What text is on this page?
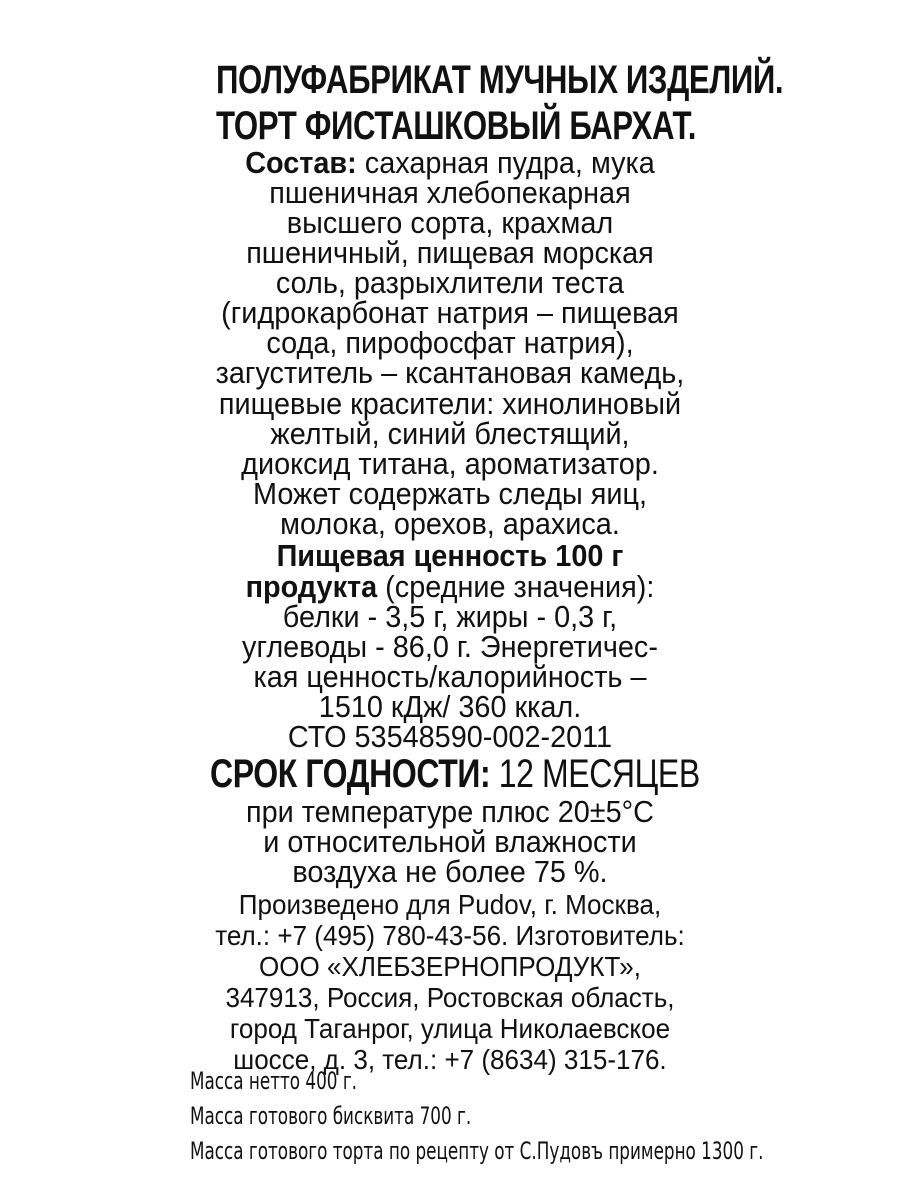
ПОЛУФАБРИКАТ МУЧНЫХ ИЗДЕЛИЙ.
ТОРТ ФИСТАШКОВЫЙ БАРХАТ.
Состав: сахарная пудра, мука
пшеничная хлебопекарная
высшего сорта, крахмал
пшеничный, пищевая морская
соль, разрыхлители теста
(гидрокарбонат натрия – пищевая
сода, пирофосфат натрия),
загуститель – ксантановая камедь,
пищевые красители: хинолиновый
желтый, синий блестящий,
диоксид титана, ароматизатор.
Может содержать следы яиц,
молока, орехов, арахиса.
Пищевая ценность 100 г
продукта (средние значения):
белки - 3,5 г, жиры - 0,3 г,
углеводы - 86,0 г. Энергетичес-
кая ценность/калорийность –
1510 кДж/ 360 ккал.
СТО 53548590-002-2011
СРОК ГОДНОСТИ: 12 МЕСЯЦЕВ
при температуре плюс 20±5°С
и относительной влажности
воздуха не более 75 %.
Произведено для Pudov, г. Москва,
тел.: +7 (495) 780-43-56. Изготовитель:
ООО «ХЛЕБЗЕРНОПРОДУКТ»,
347913, Россия, Ростовская область,
город Таганрог, улица Николаевское
шоссе, д. 3, тел.: +7 (8634) 315-176.
Масса нетто 400 г.
Масса готового бисквита 700 г.
Масса готового торта по рецепту от С.Пудовъ примерно 1300 г.
